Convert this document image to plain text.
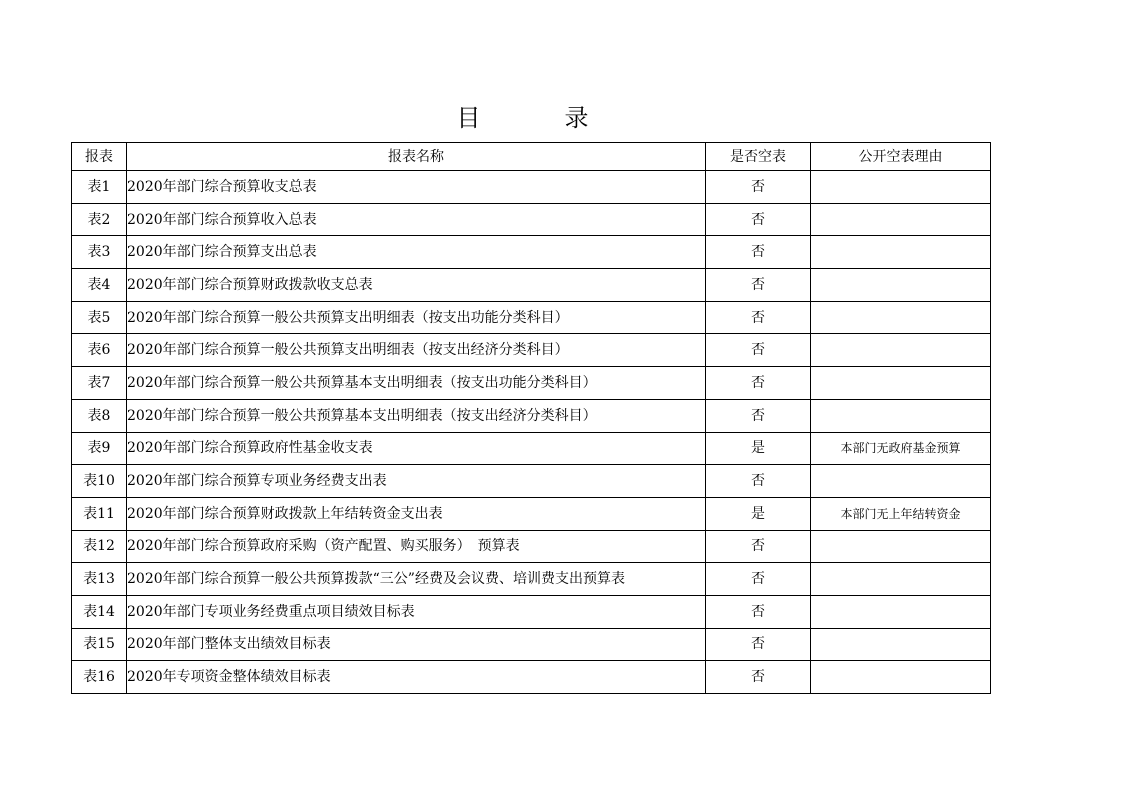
目　录
报表	报表名称	是否空表	公开空表理由
表1	2020年部门综合预算收支总表	否	
表2	2020年部门综合预算收入总表	否	
表3	2020年部门综合预算支出总表	否	
表4	2020年部门综合预算财政拨款收支总表	否	
表5	2020年部门综合预算一般公共预算支出明细表（按支出功能分类科目）	否	
表6	2020年部门综合预算一般公共预算支出明细表（按支出经济分类科目）	否	
表7	2020年部门综合预算一般公共预算基本支出明细表（按支出功能分类科目）	否	
表8	2020年部门综合预算一般公共预算基本支出明细表（按支出经济分类科目）	否	
表9	2020年部门综合预算政府性基金收支表	是	本部门无政府基金预算
表10	2020年部门综合预算专项业务经费支出表	否	
表11	2020年部门综合预算财政拨款上年结转资金支出表	是	本部门无上年结转资金
表12	2020年部门综合预算政府采购（资产配置、购买服务）　预算表	否	
表13	2020年部门综合预算一般公共预算拨款“三公”经费及会议费、培训费支出预算表	否	
表14	2020年部门专项业务经费重点项目绩效目标表	否	
表15	2020年部门整体支出绩效目标表	否	
表16	2020年专项资金整体绩效目标表	否	
